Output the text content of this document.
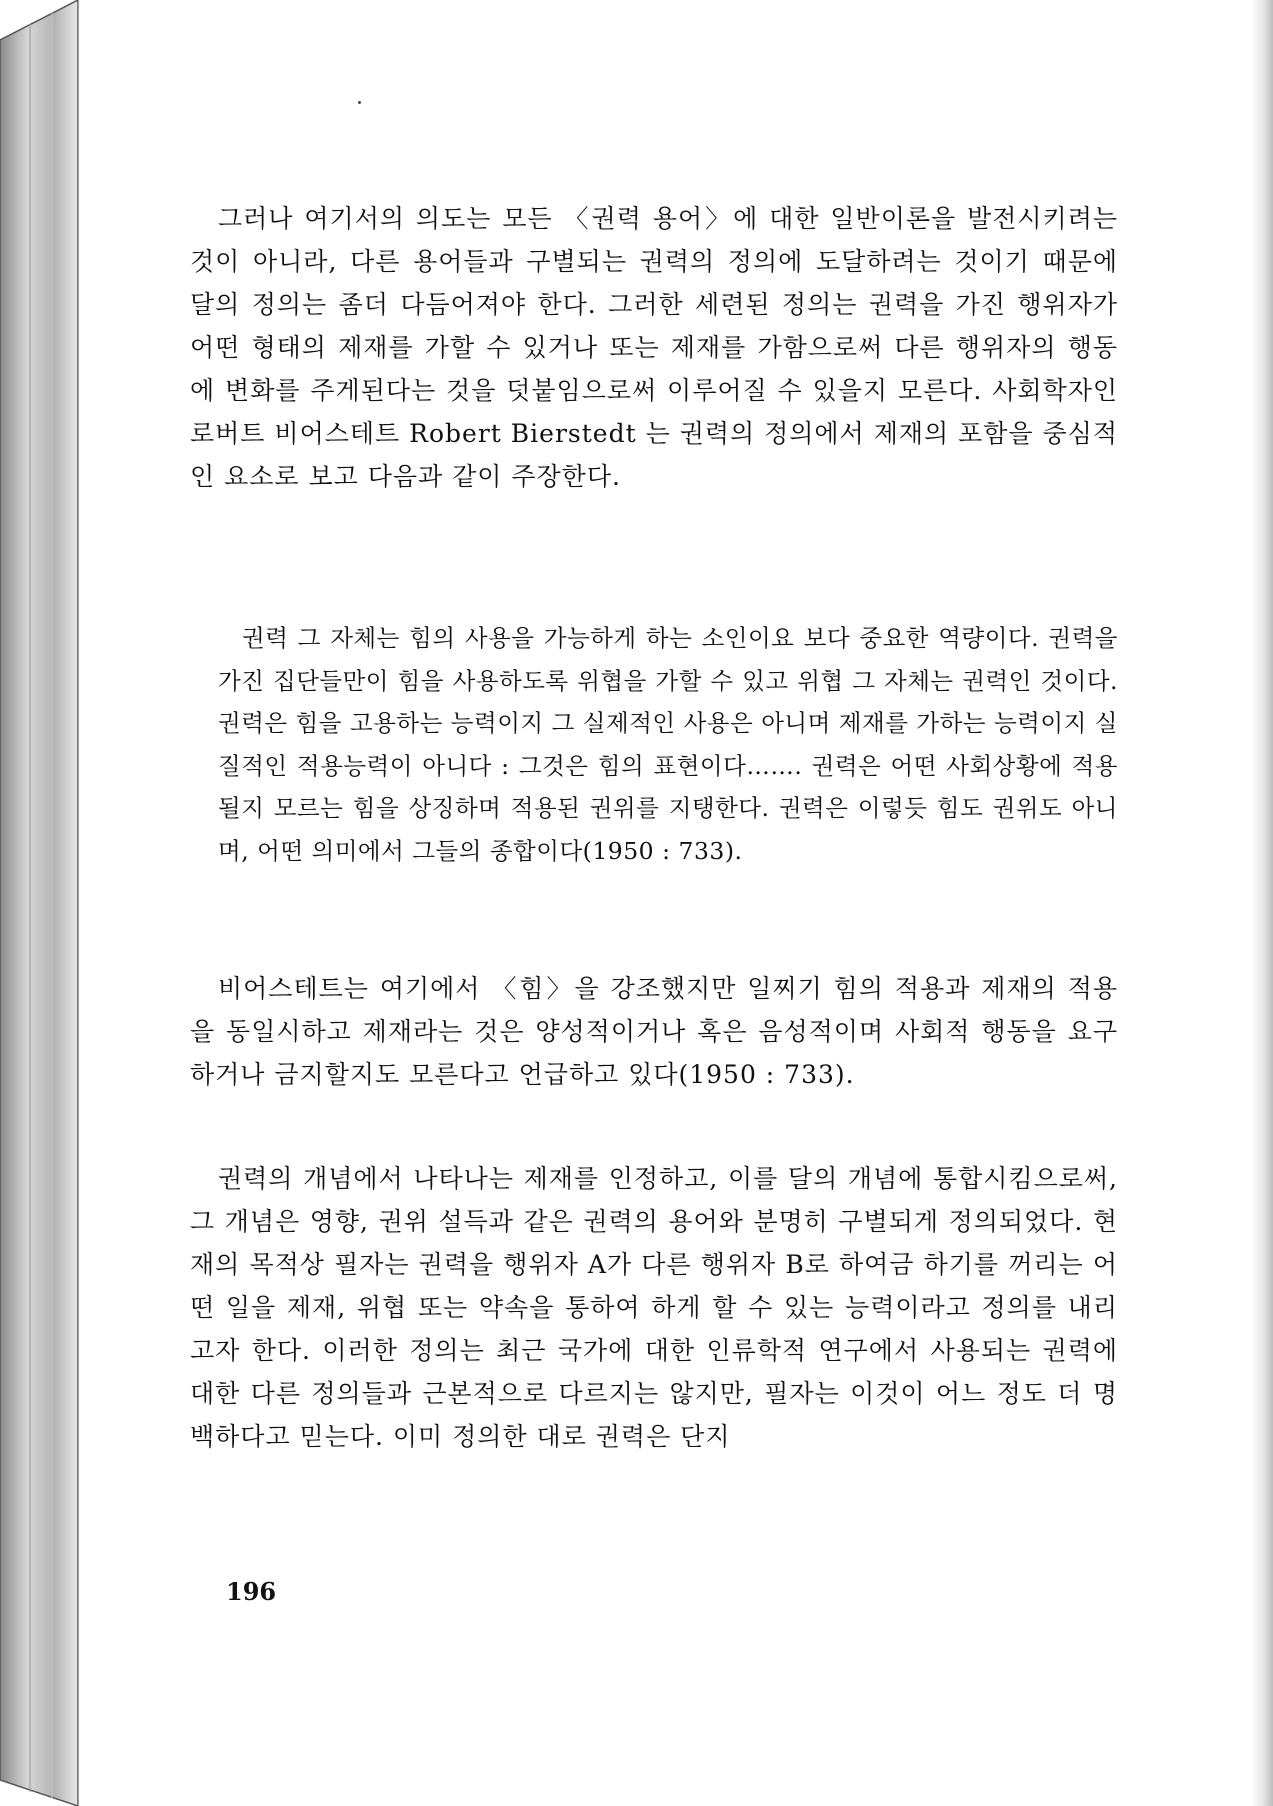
그러나 여기서의 의도는 모든 〈권력 용어〉에 대한 일반이론을 발전시키려는 것이 아니라, 다른 용어들과 구별되는 권력의 정의에 도달하려는 것이기 때문에 달의 정의는 좀더 다듬어져야 한다. 그러한 세련된 정의는 권력을 가진 행위자가 어떤 형태의 제재를 가할 수 있거나 또는 제재를 가함으로써 다른 행위자의 행동에 변화를 주게된다는 것을 덧붙임으로써 이루어질 수 있을지 모른다. 사회학자인 로버트 비어스테트 Robert Bierstedt 는 권력의 정의에서 제재의 포함을 중심적인 요소로 보고 다음과 같이 주장한다.

권력 그 자체는 힘의 사용을 가능하게 하는 소인이요 보다 중요한 역량이다. 권력을 가진 집단들만이 힘을 사용하도록 위협을 가할 수 있고 위협 그 자체는 권력인 것이다. 권력은 힘을 고용하는 능력이지 그 실제적인 사용은 아니며 제재를 가하는 능력이지 실질적인 적용능력이 아니다 : 그것은 힘의 표현이다……. 권력은 어떤 사회상황에 적용될지 모르는 힘을 상징하며 적용된 권위를 지탱한다. 권력은 이렇듯 힘도 권위도 아니며, 어떤 의미에서 그들의 종합이다(1950 : 733).

비어스테트는 여기에서 〈힘〉을 강조했지만 일찌기 힘의 적용과 제재의 적용을 동일시하고 제재라는 것은 양성적이거나 혹은 음성적이며 사회적 행동을 요구하거나 금지할지도 모른다고 언급하고 있다(1950 : 733).

권력의 개념에서 나타나는 제재를 인정하고, 이를 달의 개념에 통합시킴으로써, 그 개념은 영향, 권위 설득과 같은 권력의 용어와 분명히 구별되게 정의되었다. 현재의 목적상 필자는 권력을 행위자 A가 다른 행위자 B로 하여금 하기를 꺼리는 어떤 일을 제재, 위협 또는 약속을 통하여 하게 할 수 있는 능력이라고 정의를 내리고자 한다. 이러한 정의는 최근 국가에 대한 인류학적 연구에서 사용되는 권력에 대한 다른 정의들과 근본적으로 다르지는 않지만, 필자는 이것이 어느 정도 더 명백하다고 믿는다. 이미 정의한 대로 권력은 단지

196
